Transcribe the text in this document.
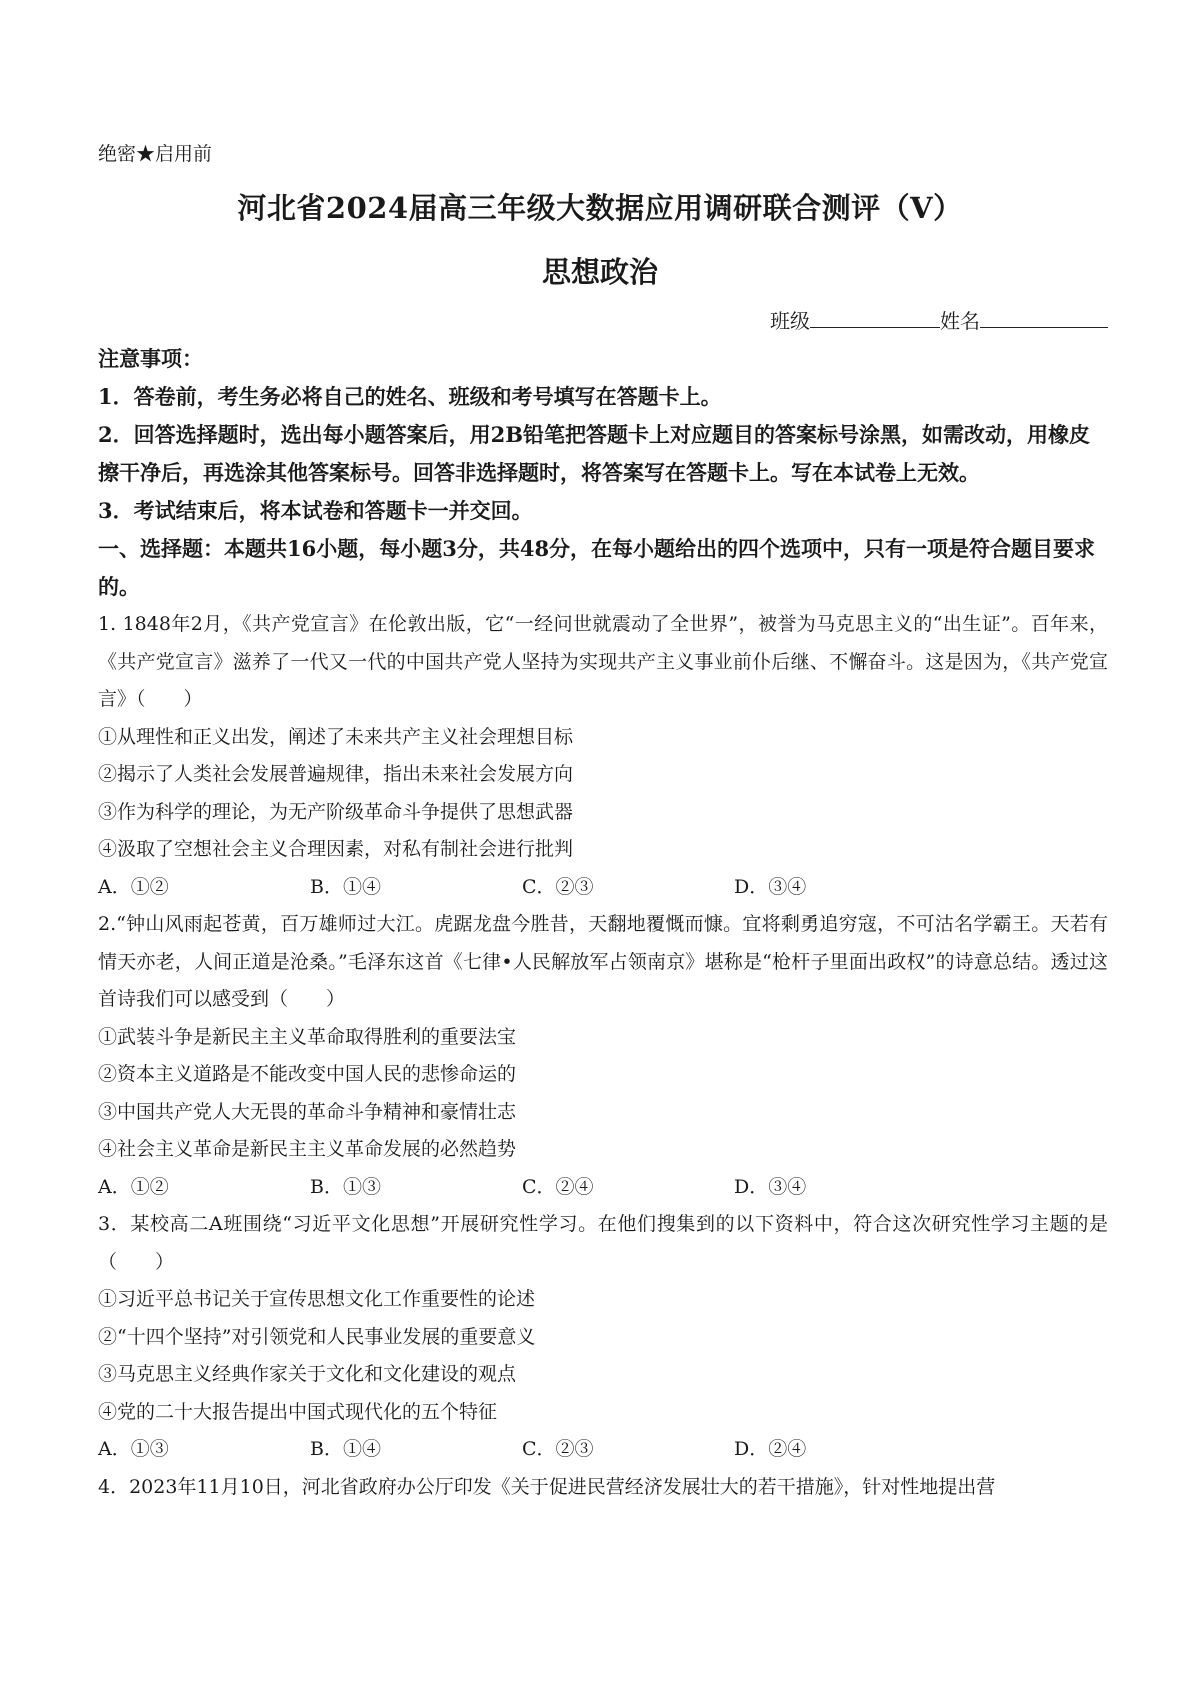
绝密★启用前
河北省2024届高三年级大数据应用调研联合测评（Ⅴ）
思想政治
班级	姓名
注意事项：

1．答卷前，考生务必将自己的姓名、班级和考号填写在答题卡上。

2．回答选择题时，选出每小题答案后，用2B铅笔把答题卡上对应题目的答案标号涂黑，如需改动，用橡皮擦干净后，再选涂其他答案标号。回答非选择题时，将答案写在答题卡上。写在本试卷上无效。

3．考试结束后，将本试卷和答题卡一并交回。

一、选择题：本题共16小题，每小题3分，共48分，在每小题给出的四个选项中，只有一项是符合题目要求的。

1. 1848年2月，《共产党宣言》在伦敦出版，它“一经问世就震动了全世界”，被誉为马克思主义的“出生证”。百年来，《共产党宣言》滋养了一代又一代的中国共产党人坚持为实现共产主义事业前仆后继、不懈奋斗。这是因为，《共产党宣言》（　　）

①从理性和正义出发，阐述了未来共产主义社会理想目标

②揭示了人类社会发展普遍规律，指出未来社会发展方向

③作为科学的理论，为无产阶级革命斗争提供了思想武器

④汲取了空想社会主义合理因素，对私有制社会进行批判

A．①②	B．①④	C．②③	D．③④

2.“钟山风雨起苍黄，百万雄师过大江。虎踞龙盘今胜昔，天翻地覆慨而慷。宜将剩勇追穷寇，不可沽名学霸王。天若有情天亦老，人间正道是沧桑。”毛泽东这首《七律•人民解放军占领南京》堪称是“枪杆子里面出政权”的诗意总结。透过这首诗我们可以感受到（　　）

①武装斗争是新民主主义革命取得胜利的重要法宝

②资本主义道路是不能改变中国人民的悲惨命运的

③中国共产党人大无畏的革命斗争精神和豪情壮志

④社会主义革命是新民主主义革命发展的必然趋势

A．①②	B．①③	C．②④	D．③④

3．某校高二A班围绕“习近平文化思想”开展研究性学习。在他们搜集到的以下资料中，符合这次研究性学习主题的是（　　）

①习近平总书记关于宣传思想文化工作重要性的论述

②“十四个坚持”对引领党和人民事业发展的重要意义

③马克思主义经典作家关于文化和文化建设的观点

④党的二十大报告提出中国式现代化的五个特征

A．①③	B．①④	C．②③	D．②④

4．2023年11月10日，河北省政府办公厅印发《关于促进民营经济发展壮大的若干措施》，针对性地提出营
